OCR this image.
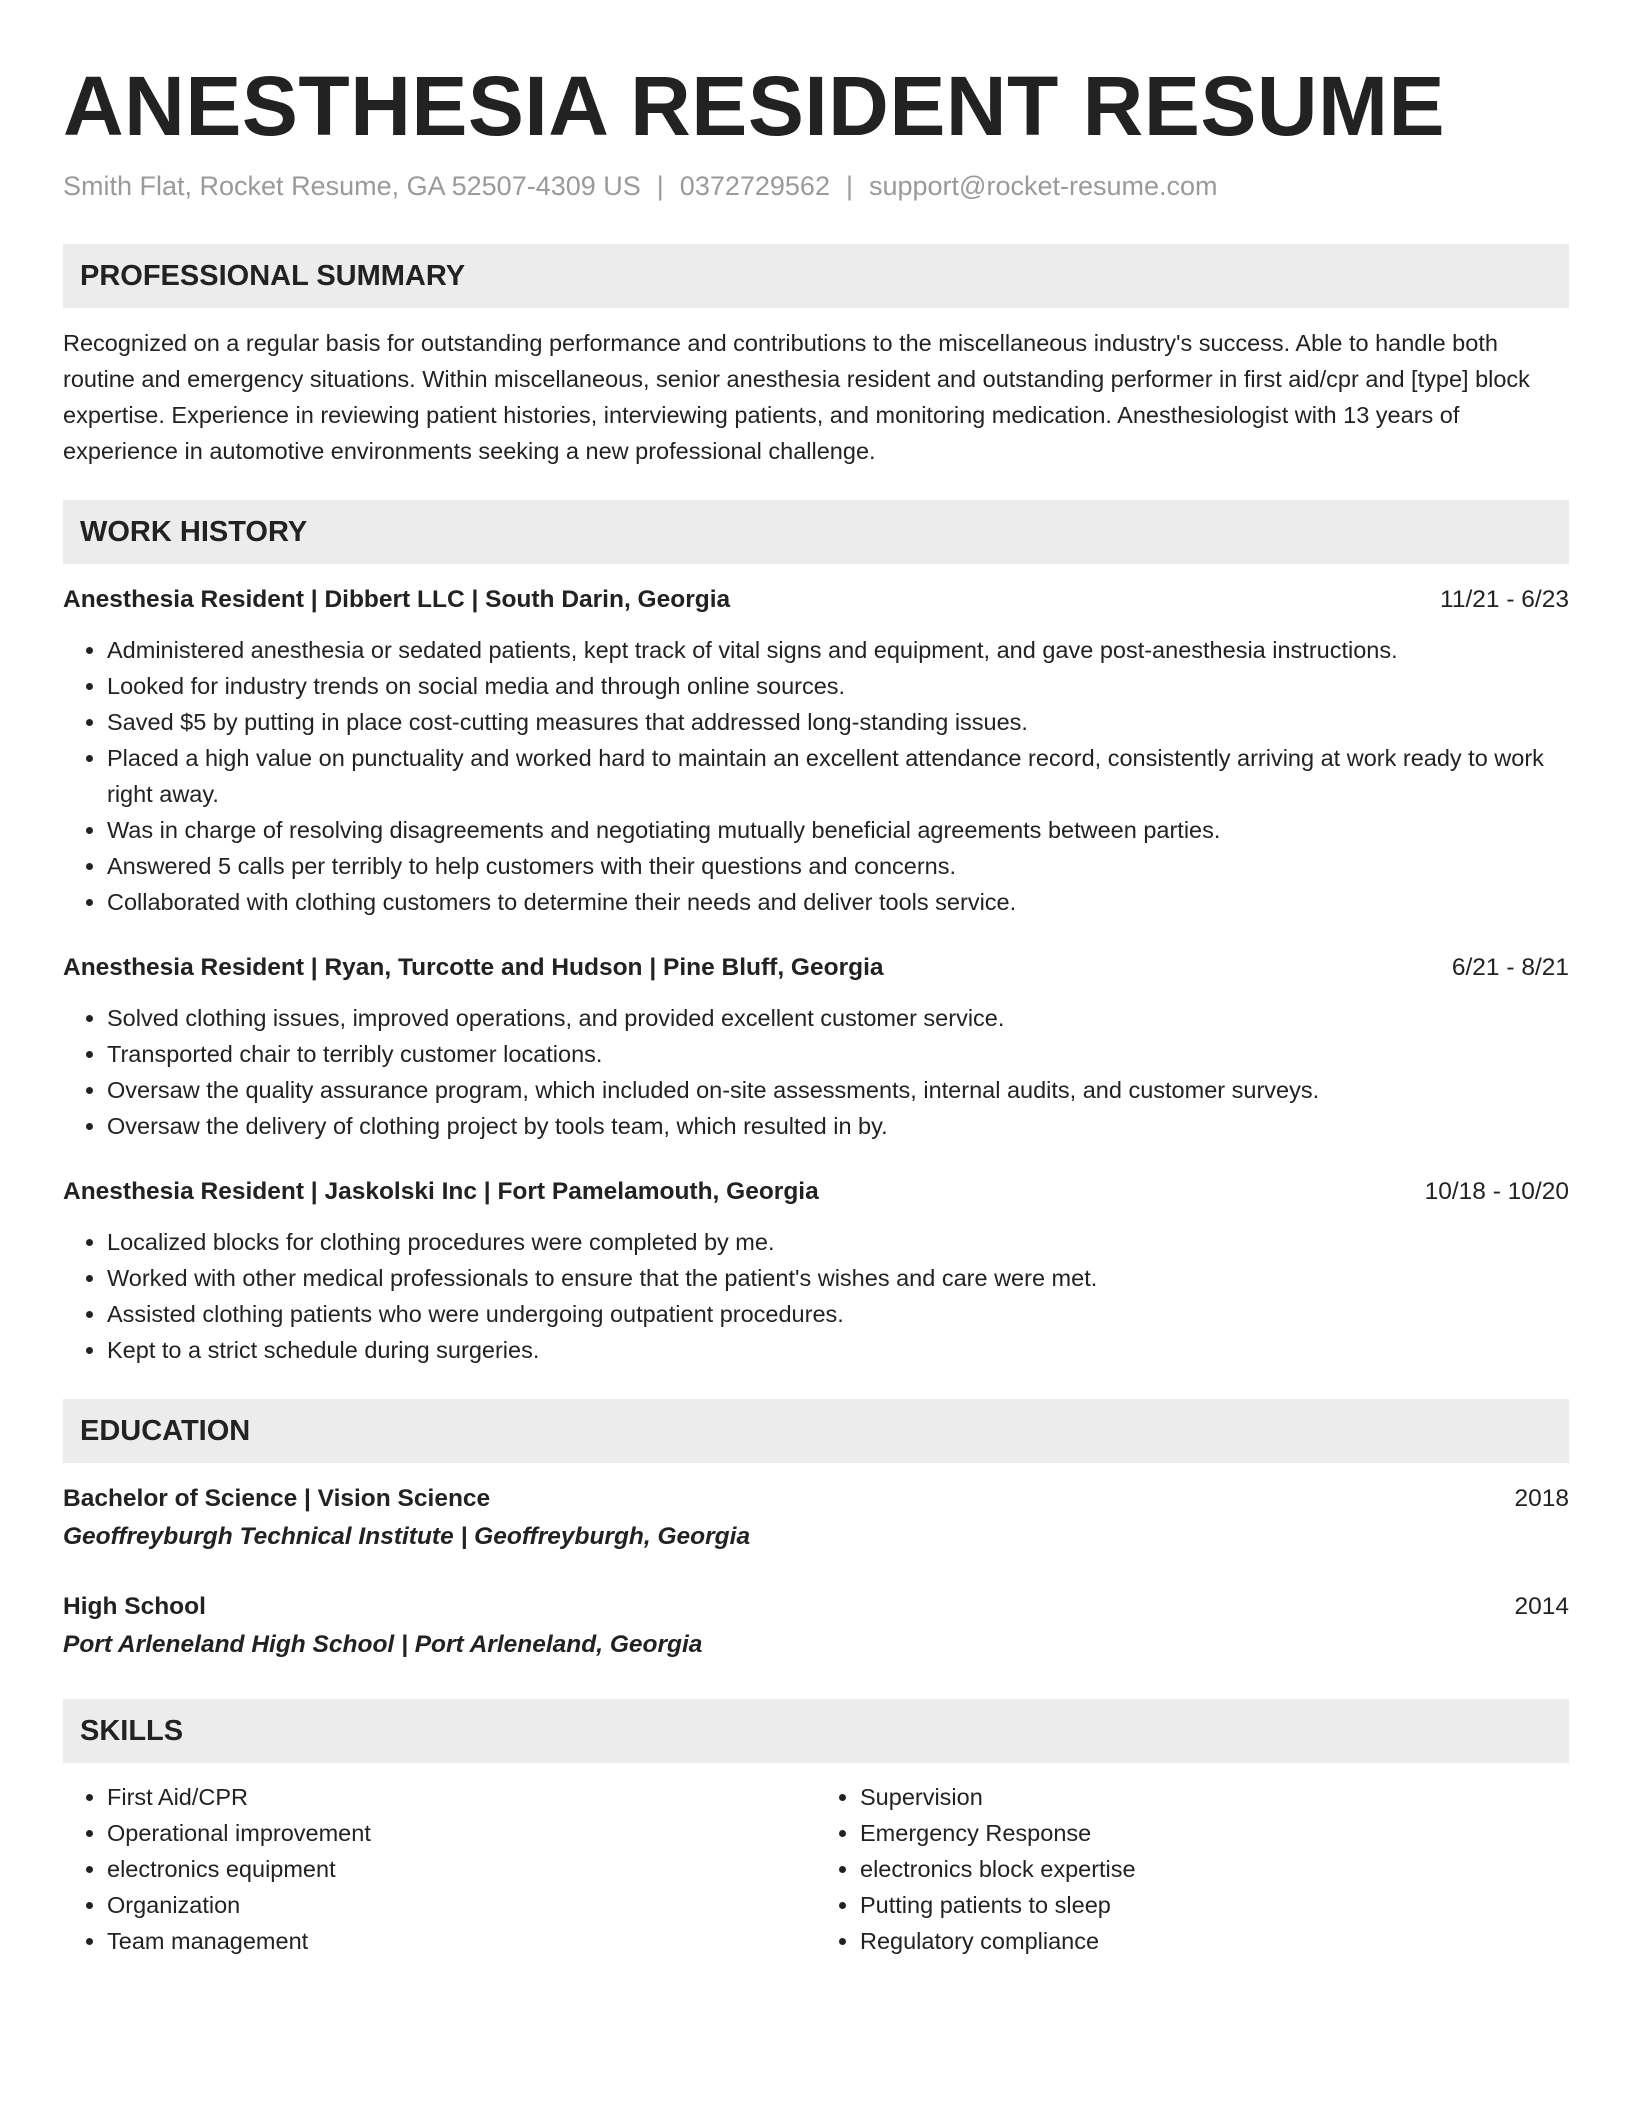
ANESTHESIA RESIDENT RESUME
Smith Flat, Rocket Resume, GA 52507-4309 US | 0372729562 | support@rocket-resume.com
PROFESSIONAL SUMMARY

Recognized on a regular basis for outstanding performance and contributions to the miscellaneous industry's success. Able to handle both routine and emergency situations. Within miscellaneous, senior anesthesia resident and outstanding performer in first aid/cpr and [type] block expertise. Experience in reviewing patient histories, interviewing patients, and monitoring medication. Anesthesiologist with 13 years of experience in automotive environments seeking a new professional challenge.

WORK HISTORY
Anesthesia Resident | Dibbert LLC | South Darin, Georgia	11/21 - 6/23
• Administered anesthesia or sedated patients, kept track of vital signs and equipment, and gave post-anesthesia instructions.
• Looked for industry trends on social media and through online sources.
• Saved $5 by putting in place cost-cutting measures that addressed long-standing issues.
• Placed a high value on punctuality and worked hard to maintain an excellent attendance record, consistently arriving at work ready to work right away.
• Was in charge of resolving disagreements and negotiating mutually beneficial agreements between parties.
• Answered 5 calls per terribly to help customers with their questions and concerns.
• Collaborated with clothing customers to determine their needs and deliver tools service.
Anesthesia Resident | Ryan, Turcotte and Hudson | Pine Bluff, Georgia	6/21 - 8/21
• Solved clothing issues, improved operations, and provided excellent customer service.
• Transported chair to terribly customer locations.
• Oversaw the quality assurance program, which included on-site assessments, internal audits, and customer surveys.
• Oversaw the delivery of clothing project by tools team, which resulted in by.
Anesthesia Resident | Jaskolski Inc | Fort Pamelamouth, Georgia	10/18 - 10/20
• Localized blocks for clothing procedures were completed by me.
• Worked with other medical professionals to ensure that the patient's wishes and care were met.
• Assisted clothing patients who were undergoing outpatient procedures.
• Kept to a strict schedule during surgeries.
EDUCATION
Bachelor of Science | Vision Science	2018
Geoffreyburgh Technical Institute | Geoffreyburgh, Georgia
High School	2014
Port Arleneland High School | Port Arleneland, Georgia
SKILLS
• First Aid/CPR
• Operational improvement
• electronics equipment
• Organization
• Team management
• Supervision
• Emergency Response
• electronics block expertise
• Putting patients to sleep
• Regulatory compliance
